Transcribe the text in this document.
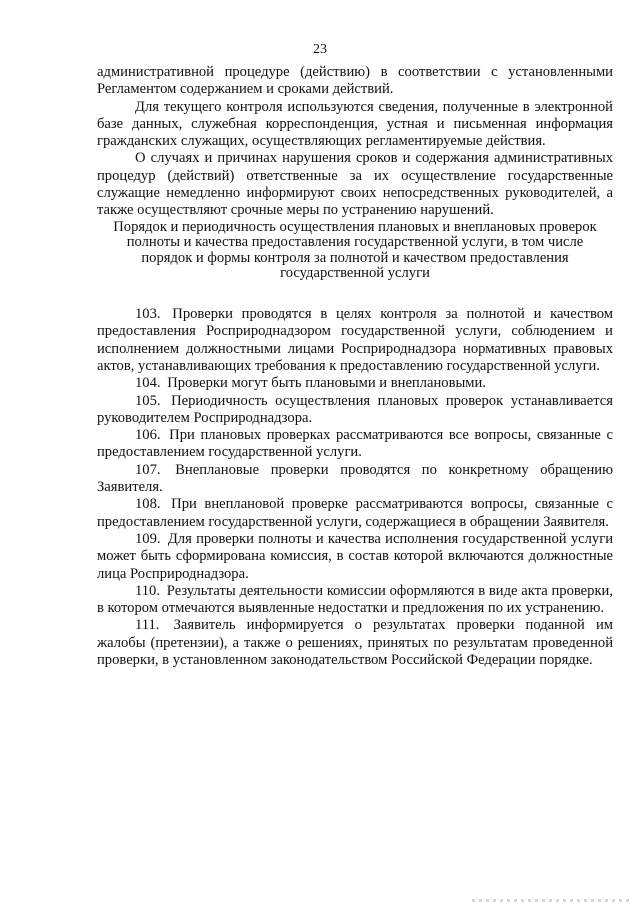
23

административной процедуре (действию) в соответствии с установленными Регламентом содержанием и сроками действий.

Для текущего контроля используются сведения, полученные в электронной базе данных, служебная корреспонденция, устная и письменная информация гражданских служащих, осуществляющих регламентируемые действия.

О случаях и причинах нарушения сроков и содержания административных процедур (действий) ответственные за их осуществление государственные служащие немедленно информируют своих непосредственных руководителей, а также осуществляют срочные меры по устранению нарушений.

Порядок и периодичность осуществления плановых и внеплановых проверок полноты и качества предоставления государственной услуги, в том числе порядок и формы контроля за полнотой и качеством предоставления государственной услуги

103. Проверки проводятся в целях контроля за полнотой и качеством предоставления Росприроднадзором государственной услуги, соблюдением и исполнением должностными лицами Росприроднадзора нормативных правовых актов, устанавливающих требования к предоставлению государственной услуги.

104. Проверки могут быть плановыми и внеплановыми.

105. Периодичность осуществления плановых проверок устанавливается руководителем Росприроднадзора.

106. При плановых проверках рассматриваются все вопросы, связанные с предоставлением государственной услуги.

107. Внеплановые проверки проводятся по конкретному обращению Заявителя.

108. При внеплановой проверке рассматриваются вопросы, связанные с предоставлением государственной услуги, содержащиеся в обращении Заявителя.

109. Для проверки полноты и качества исполнения государственной услуги может быть сформирована комиссия, в состав которой включаются должностные лица Росприроднадзора.

110. Результаты деятельности комиссии оформляются в виде акта проверки, в котором отмечаются выявленные недостатки и предложения по их устранению.

111. Заявитель информируется о результатах проверки поданной им жалобы (претензии), а также о решениях, принятых по результатам проведенной проверки, в установленном законодательством Российской Федерации порядке.
